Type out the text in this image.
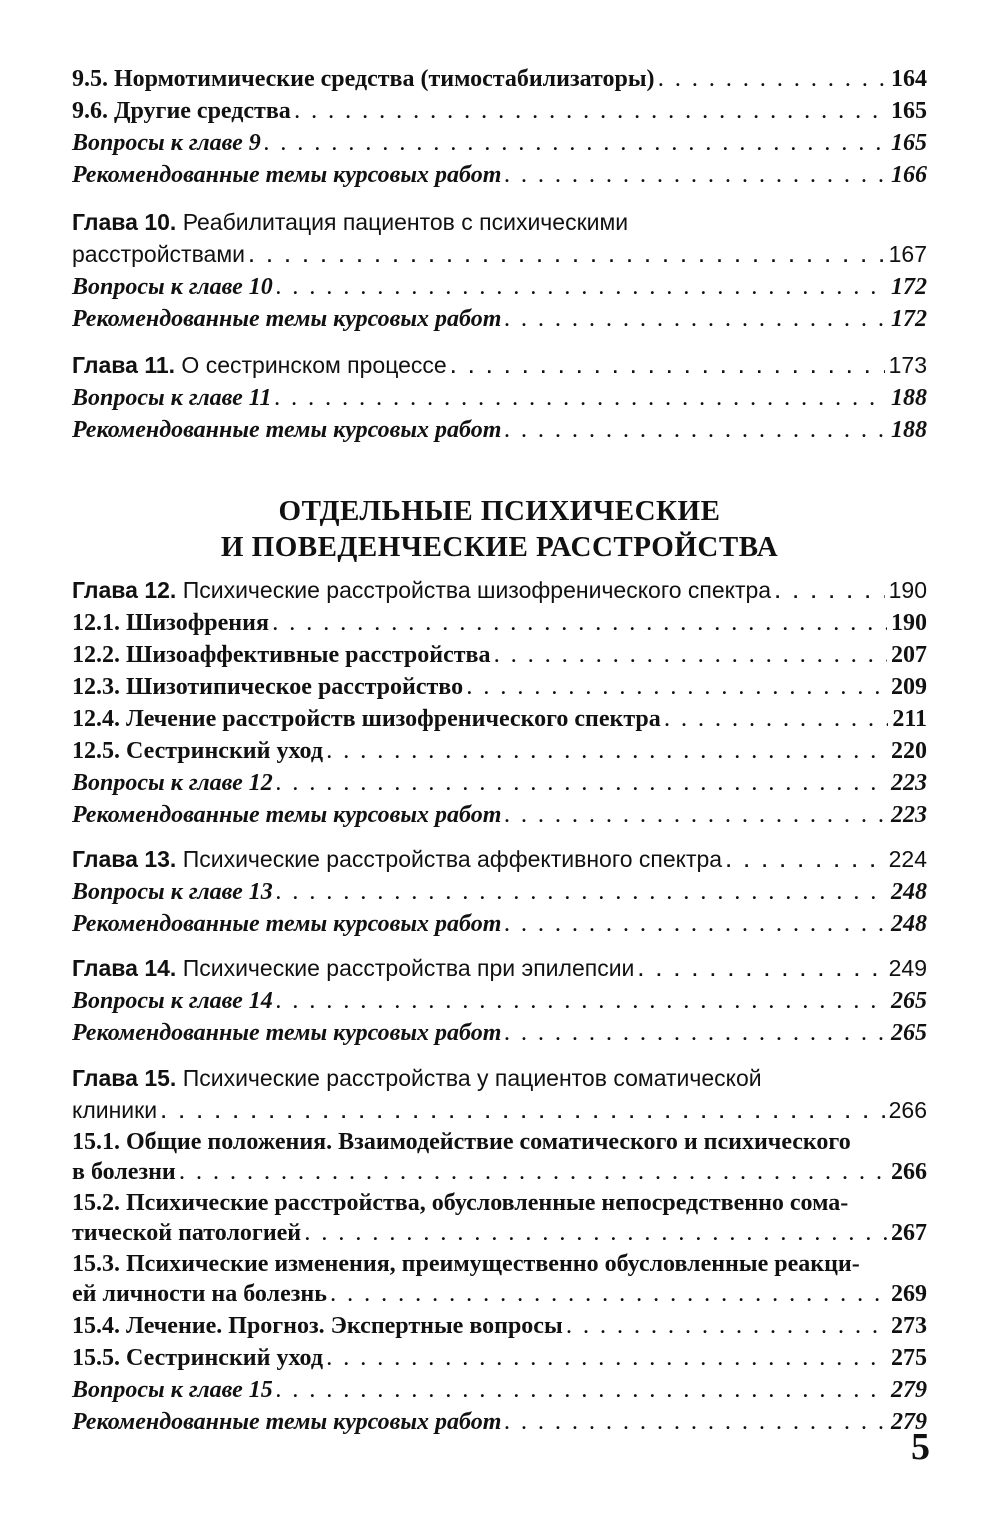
9.5. Нормотимические средства (тимостабилизаторы) . . .	164
9.6. Другие средства . . .	165
Вопросы к главе 9 . . .	165
Рекомендованные темы курсовых работ . . .	166
Глава 10. Реабилитация пациентов с психическими
расстройствами . . .	167
Вопросы к главе 10 . . .	172
Рекомендованные темы курсовых работ . . .	172
Глава 11. О сестринском процессе . . .	173
Вопросы к главе 11 . . .	188
Рекомендованные темы курсовых работ . . .	188
ОТДЕЛЬНЫЕ ПСИХИЧЕСКИЕ
И ПОВЕДЕНЧЕСКИЕ РАССТРОЙСТВА
Глава 12. Психические расстройства шизофренического спектра . . .	190
12.1. Шизофрения . . .	190
12.2. Шизоаффективные расстройства . . .	207
12.3. Шизотипическое расстройство . . .	209
12.4. Лечение расстройств шизофренического спектра . . .	211
12.5. Сестринский уход . . .	220
Вопросы к главе 12 . . .	223
Рекомендованные темы курсовых работ . . .	223
Глава 13. Психические расстройства аффективного спектра . . .	224
Вопросы к главе 13 . . .	248
Рекомендованные темы курсовых работ . . .	248
Глава 14. Психические расстройства при эпилепсии . . .	249
Вопросы к главе 14 . . .	265
Рекомендованные темы курсовых работ . . .	265
Глава 15. Психические расстройства у пациентов соматической
клиники . . .	266
15.1. Общие положения. Взаимодействие соматического и психического
в болезни . . .	266
15.2. Психические расстройства, обусловленные непосредственно сома-
тической патологией . . .	267
15.3. Психические изменения, преимущественно обусловленные реакци-
ей личности на болезнь . . .	269
15.4. Лечение. Прогноз. Экспертные вопросы . . .	273
15.5. Сестринский уход . . .	275
Вопросы к главе 15 . . .	279
Рекомендованные темы курсовых работ . . .	279
5
